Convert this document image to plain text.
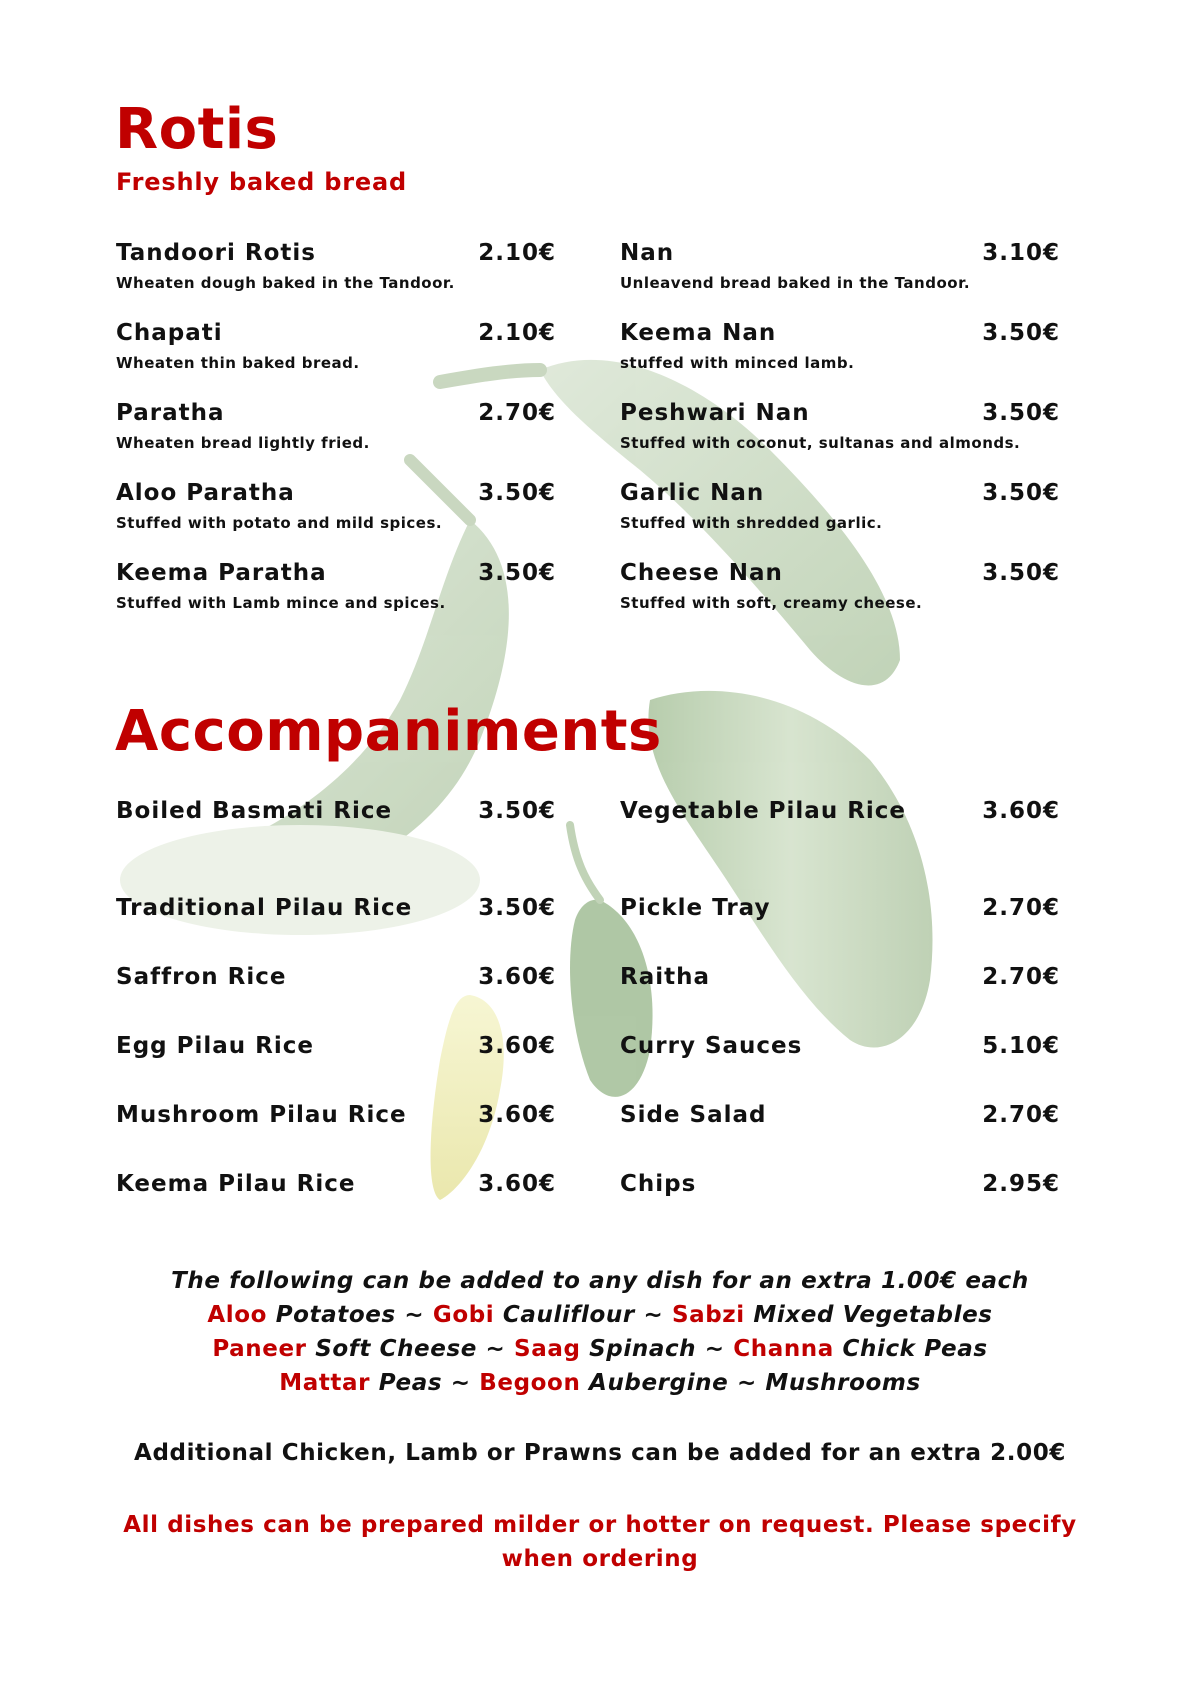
Rotis
Freshly baked bread
Tandoori Rotis	2.10€
Wheaten dough baked in the Tandoor.
Chapati	2.10€
Wheaten thin baked bread.
Paratha	2.70€
Wheaten bread lightly fried.
Aloo Paratha	3.50€
Stuffed with potato and mild spices.
Keema Paratha	3.50€
Stuffed with Lamb mince and spices.
Nan	3.10€
Unleavend bread baked in the Tandoor.
Keema Nan	3.50€
stuffed with minced lamb.
Peshwari Nan	3.50€
Stuffed with coconut, sultanas and almonds.
Garlic Nan	3.50€
Stuffed with shredded garlic.
Cheese Nan	3.50€
Stuffed with soft, creamy cheese.
Accompaniments
Boiled Basmati Rice	3.50€
Traditional Pilau Rice	3.50€
Saffron Rice	3.60€
Egg Pilau Rice	3.60€
Mushroom Pilau Rice	3.60€
Keema Pilau Rice	3.60€
Vegetable Pilau Rice	3.60€
Pickle Tray	2.70€
Raitha	2.70€
Curry Sauces	5.10€
Side Salad	2.70€
Chips	2.95€
The following can be added to any dish for an extra 1.00€ each
Aloo Potatoes ~ Gobi Cauliflour ~ Sabzi Mixed Vegetables
Paneer Soft Cheese ~ Saag Spinach ~ Channa Chick Peas
Mattar Peas ~ Begoon Aubergine ~ Mushrooms
Additional Chicken, Lamb or Prawns can be added for an extra 2.00€
All dishes can be prepared milder or hotter on request. Please specify
when ordering
